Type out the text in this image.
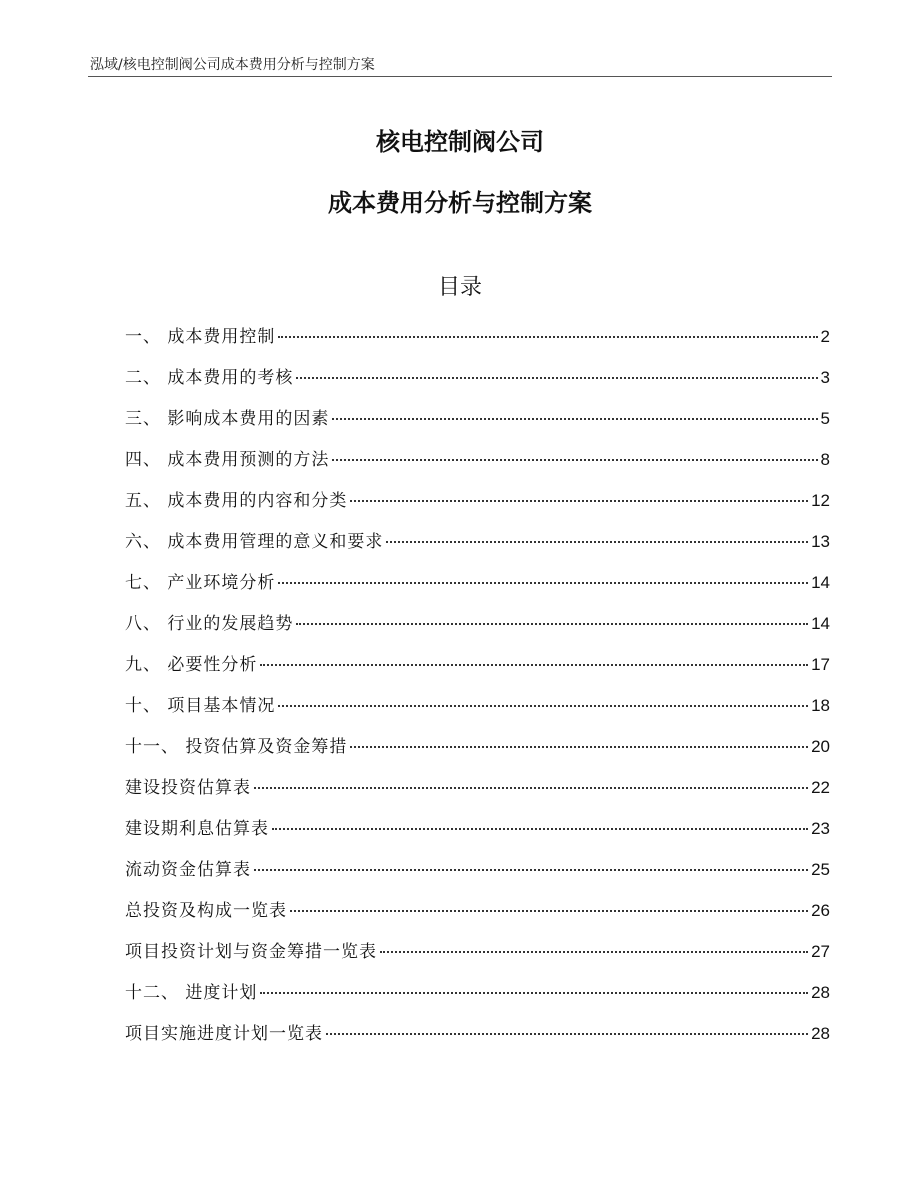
泓域/核电控制阀公司成本费用分析与控制方案
核电控制阀公司
成本费用分析与控制方案
目录
一、 成本费用控制	2
二、 成本费用的考核	3
三、 影响成本费用的因素	5
四、 成本费用预测的方法	8
五、 成本费用的内容和分类	12
六、 成本费用管理的意义和要求	13
七、 产业环境分析	14
八、 行业的发展趋势	14
九、 必要性分析	17
十、 项目基本情况	18
十一、 投资估算及资金筹措	20
建设投资估算表	22
建设期利息估算表	23
流动资金估算表	25
总投资及构成一览表	26
项目投资计划与资金筹措一览表	27
十二、 进度计划	28
项目实施进度计划一览表	28
